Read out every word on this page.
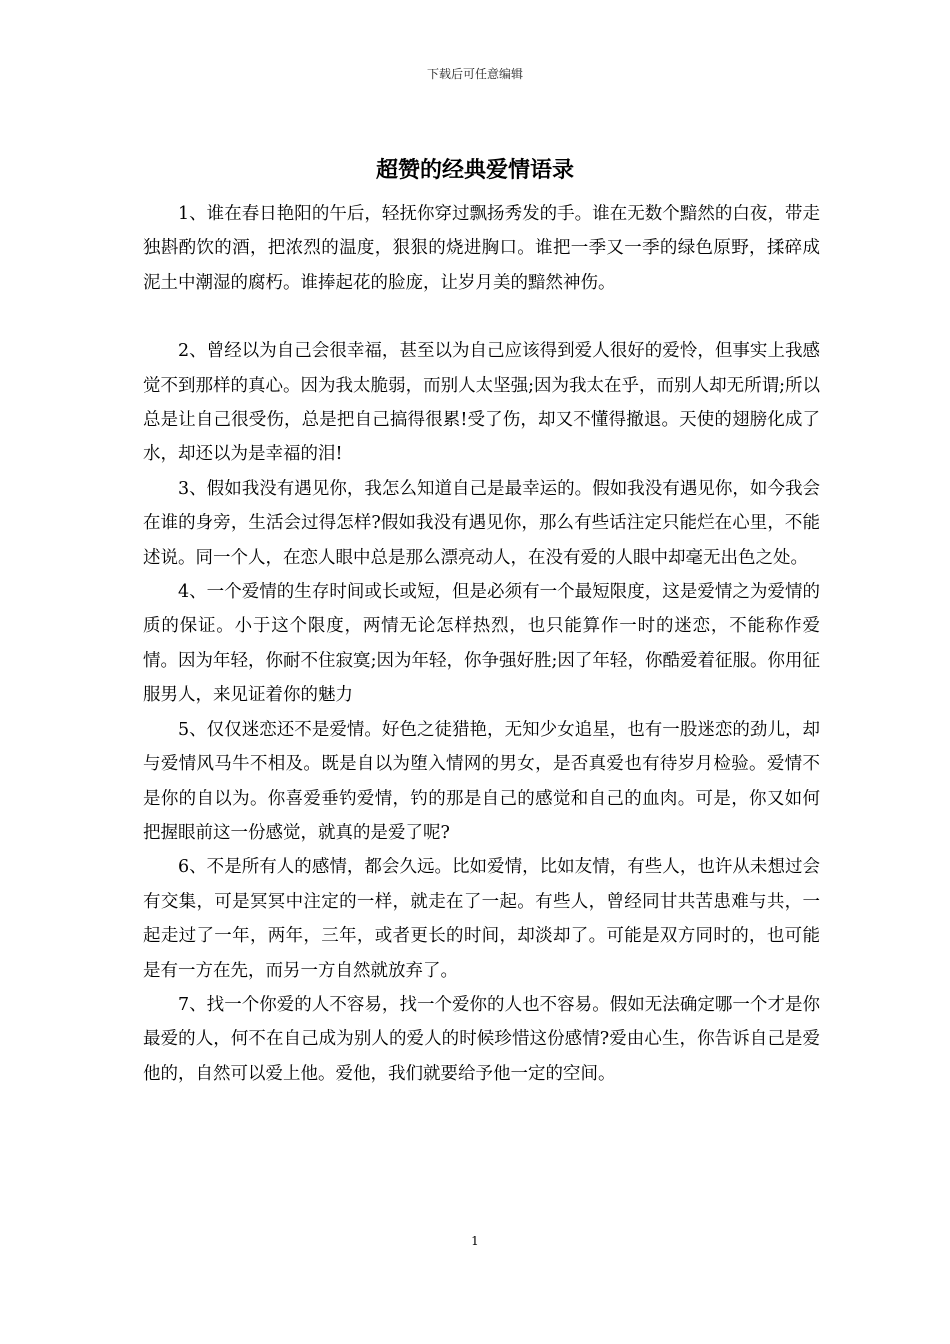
下载后可任意编辑
超赞的经典爱情语录

1、谁在春日艳阳的午后，轻抚你穿过飘扬秀发的手。谁在无数个黯然的白夜，带走独斟酌饮的酒，把浓烈的温度，狠狠的烧进胸口。谁把一季又一季的绿色原野，揉碎成泥土中潮湿的腐朽。谁捧起花的脸庞，让岁月美的黯然神伤。

2、曾经以为自己会很幸福，甚至以为自己应该得到爱人很好的爱怜，但事实上我感觉不到那样的真心。因为我太脆弱，而别人太坚强;因为我太在乎，而别人却无所谓;所以总是让自己很受伤，总是把自己搞得很累!受了伤，却又不懂得撤退。天使的翅膀化成了水，却还以为是幸福的泪!

3、假如我没有遇见你，我怎么知道自己是最幸运的。假如我没有遇见你，如今我会在谁的身旁，生活会过得怎样?假如我没有遇见你，那么有些话注定只能烂在心里，不能述说。同一个人，在恋人眼中总是那么漂亮动人，在没有爱的人眼中却毫无出色之处。

4、一个爱情的生存时间或长或短，但是必须有一个最短限度，这是爱情之为爱情的质的保证。小于这个限度，两情无论怎样热烈，也只能算作一时的迷恋，不能称作爱情。因为年轻，你耐不住寂寞;因为年轻，你争强好胜;因了年轻，你酷爱着征服。你用征服男人，来见证着你的魅力

5、仅仅迷恋还不是爱情。好色之徒猎艳，无知少女追星，也有一股迷恋的劲儿，却与爱情风马牛不相及。既是自以为堕入情网的男女，是否真爱也有待岁月检验。爱情不是你的自以为。你喜爱垂钓爱情，钓的那是自己的感觉和自己的血肉。可是，你又如何把握眼前这一份感觉，就真的是爱了呢?

6、不是所有人的感情，都会久远。比如爱情，比如友情，有些人，也许从未想过会有交集，可是冥冥中注定的一样，就走在了一起。有些人，曾经同甘共苦患难与共，一起走过了一年，两年，三年，或者更长的时间，却淡却了。可能是双方同时的，也可能是有一方在先，而另一方自然就放弃了。

7、找一个你爱的人不容易，找一个爱你的人也不容易。假如无法确定哪一个才是你最爱的人，何不在自己成为别人的爱人的时候珍惜这份感情?爱由心生，你告诉自己是爱他的，自然可以爱上他。爱他，我们就要给予他一定的空间。

1
